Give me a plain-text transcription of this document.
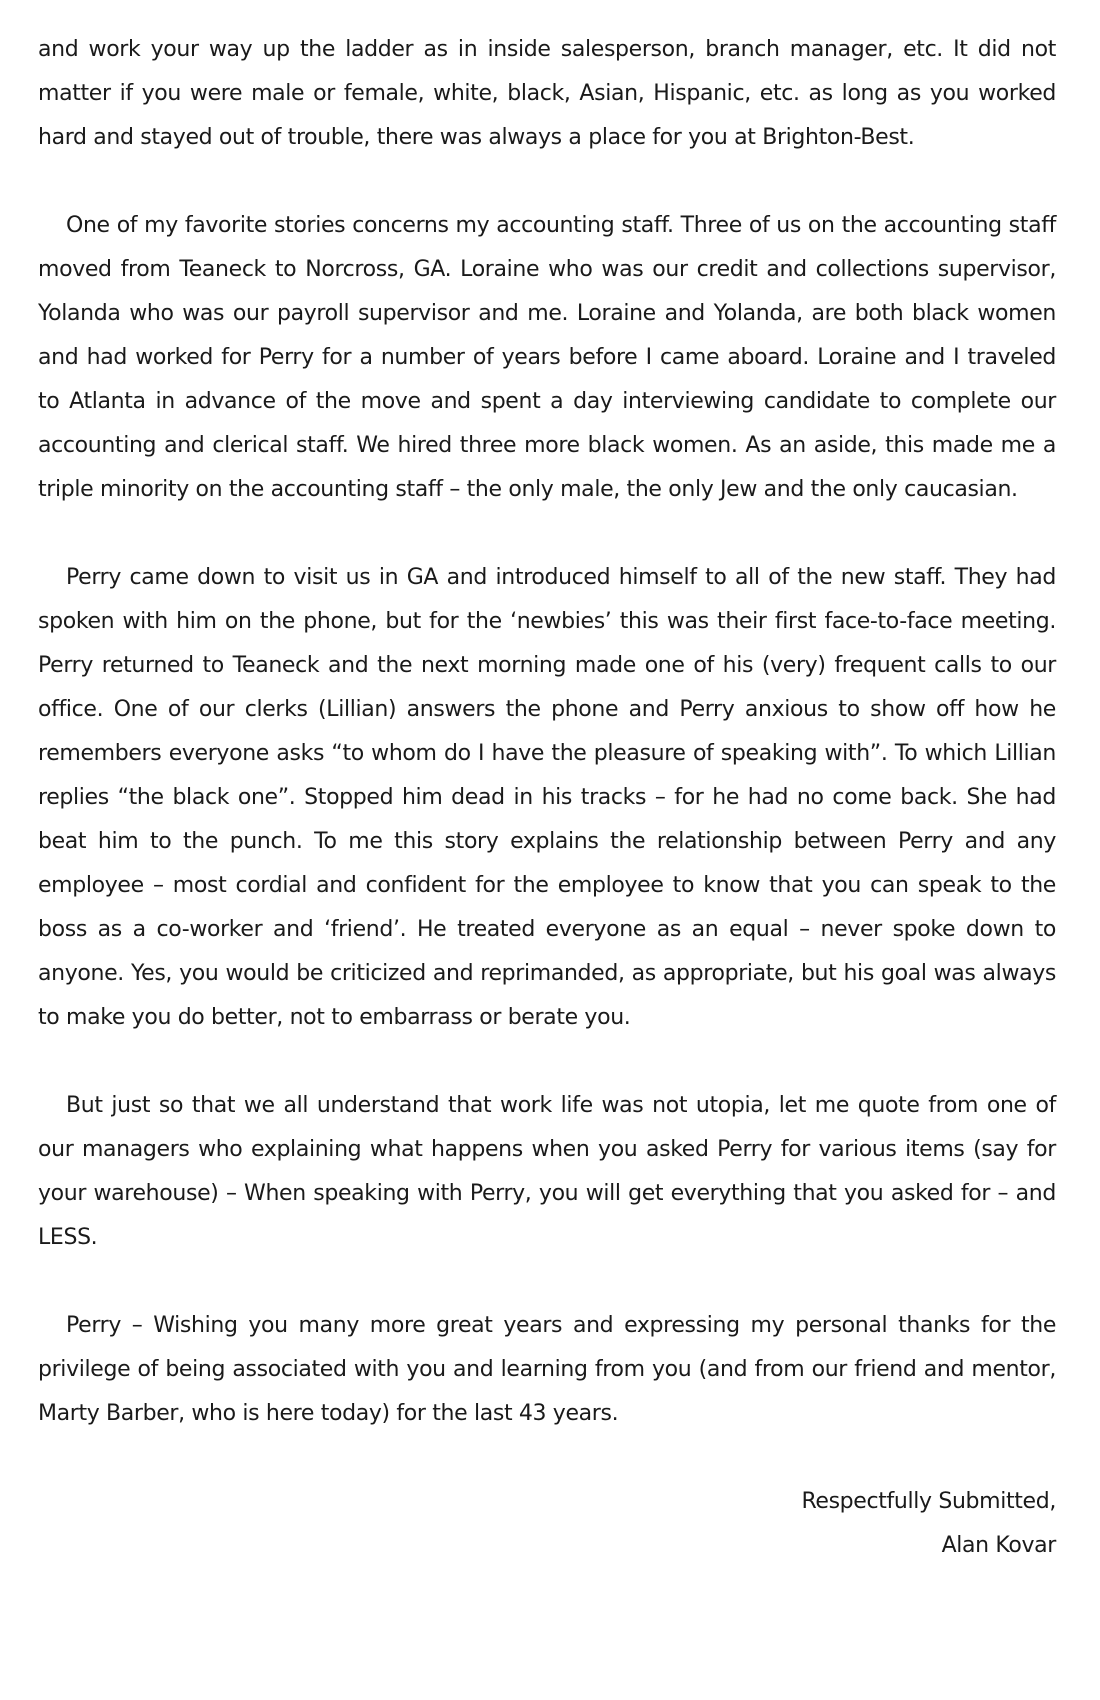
and work your way up the ladder as in inside salesperson, branch manager, etc. It did not matter if you were male or female, white, black, Asian, Hispanic, etc. as long as you worked hard and stayed out of trouble, there was always a place for you at Brighton-Best.

One of my favorite stories concerns my accounting staff. Three of us on the accounting staff moved from Teaneck to Norcross, GA. Loraine who was our credit and collections supervisor, Yolanda who was our payroll supervisor and me. Loraine and Yolanda, are both black women and had worked for Perry for a number of years before I came aboard. Loraine and I traveled to Atlanta in advance of the move and spent a day interviewing candidate to complete our accounting and clerical staff. We hired three more black women. As an aside, this made me a triple minority on the accounting staff – the only male, the only Jew and the only caucasian.

Perry came down to visit us in GA and introduced himself to all of the new staff. They had spoken with him on the phone, but for the ‘newbies’ this was their first face-to-face meeting. Perry returned to Teaneck and the next morning made one of his (very) frequent calls to our office. One of our clerks (Lillian) answers the phone and Perry anxious to show off how he remembers everyone asks “to whom do I have the pleasure of speaking with”. To which Lillian replies “the black one”. Stopped him dead in his tracks – for he had no come back. She had beat him to the punch. To me this story explains the relationship between Perry and any employee – most cordial and confident for the employee to know that you can speak to the boss as a co-worker and ‘friend’. He treated everyone as an equal – never spoke down to anyone. Yes, you would be criticized and reprimanded, as appropriate, but his goal was always to make you do better, not to embarrass or berate you.

But just so that we all understand that work life was not utopia, let me quote from one of our managers who explaining what happens when you asked Perry for various items (say for your warehouse) – When speaking with Perry, you will get everything that you asked for – and LESS.

Perry – Wishing you many more great years and expressing my personal thanks for the privilege of being associated with you and learning from you (and from our friend and mentor, Marty Barber, who is here today) for the last 43 years.

Respectfully Submitted,
Alan Kovar
